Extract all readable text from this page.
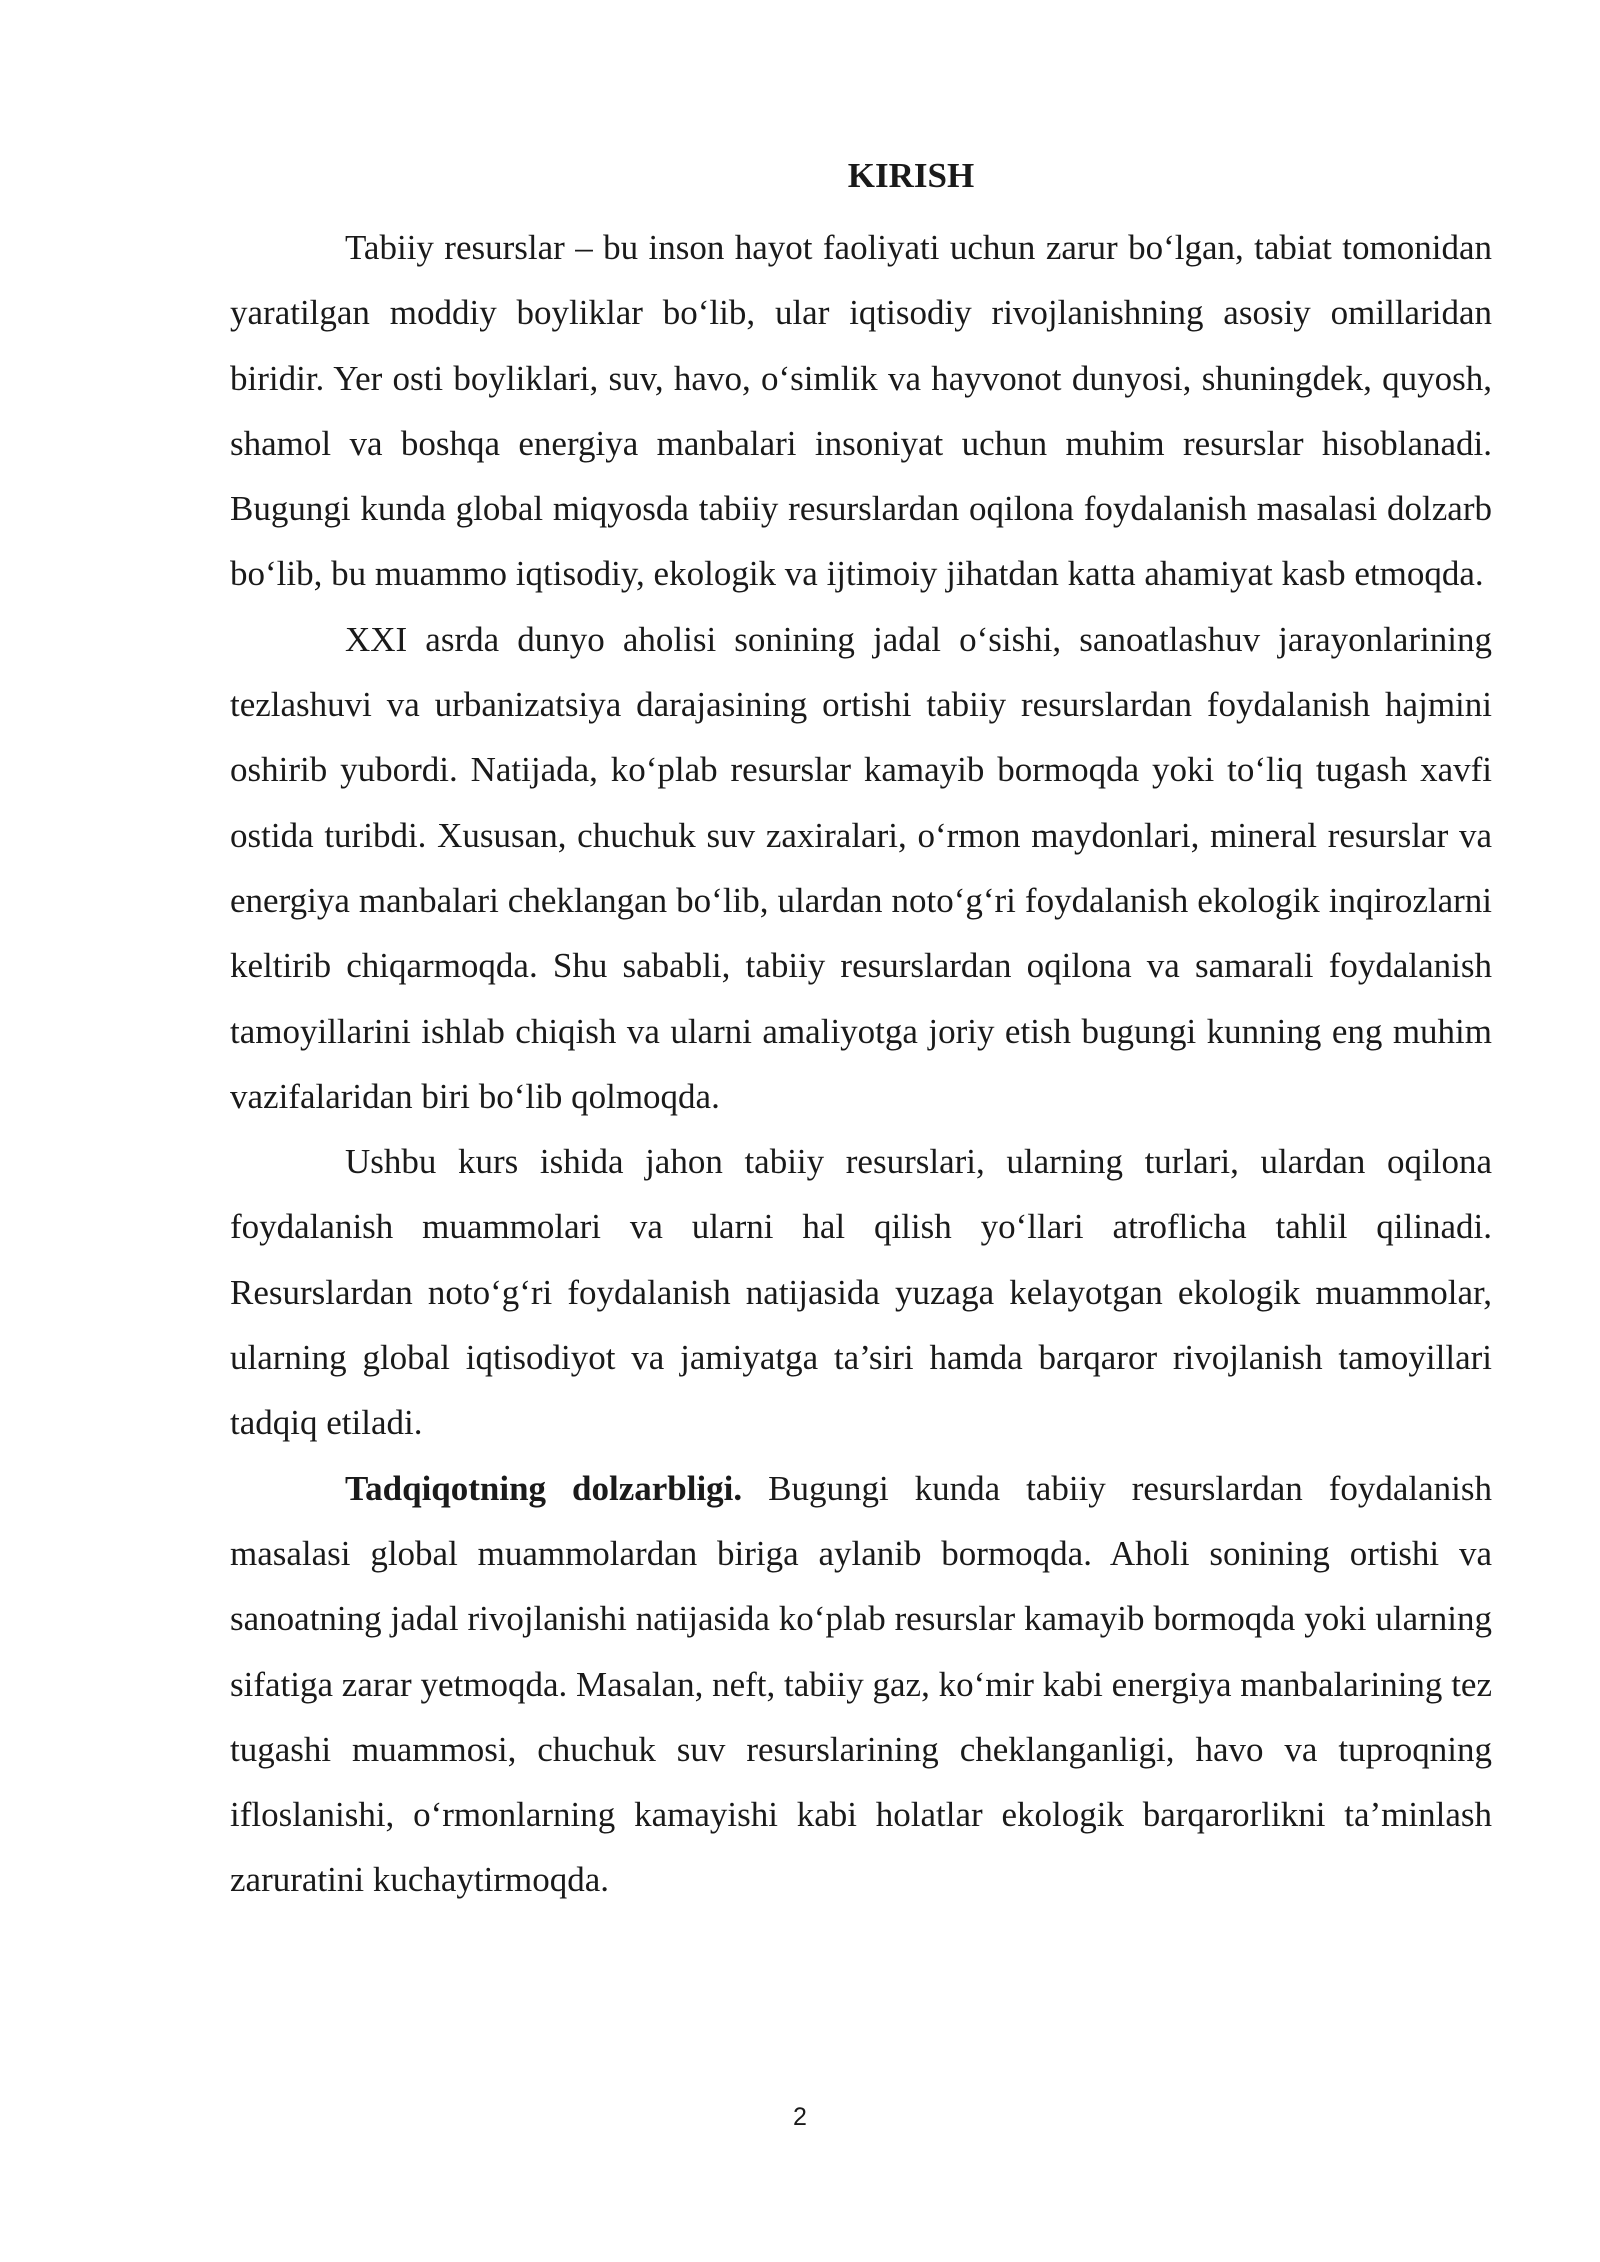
KIRISH

Tabiiy resurslar – bu inson hayot faoliyati uchun zarur bo‘lgan, tabiat tomonidan yaratilgan moddiy boyliklar bo‘lib, ular iqtisodiy rivojlanishning asosiy omillaridan biridir. Yer osti boyliklari, suv, havo, o‘simlik va hayvonot dunyosi, shuningdek, quyosh, shamol va boshqa energiya manbalari insoniyat uchun muhim resurslar hisoblanadi. Bugungi kunda global miqyosda tabiiy resurslardan oqilona foydalanish masalasi dolzarb bo‘lib, bu muammo iqtisodiy, ekologik va ijtimoiy jihatdan katta ahamiyat kasb etmoqda.

XXI asrda dunyo aholisi sonining jadal o‘sishi, sanoatlashuv jarayonlarining tezlashuvi va urbanizatsiya darajasining ortishi tabiiy resurslardan foydalanish hajmini oshirib yubordi. Natijada, ko‘plab resurslar kamayib bormoqda yoki to‘liq tugash xavfi ostida turibdi. Xususan, chuchuk suv zaxiralari, o‘rmon maydonlari, mineral resurslar va energiya manbalari cheklangan bo‘lib, ulardan noto‘g‘ri foydalanish ekologik inqirozlarni keltirib chiqarmoqda. Shu sababli, tabiiy resurslardan oqilona va samarali foydalanish tamoyillarini ishlab chiqish va ularni amaliyotga joriy etish bugungi kunning eng muhim vazifalaridan biri bo‘lib qolmoqda.

Ushbu kurs ishida jahon tabiiy resurslari, ularning turlari, ulardan oqilona foydalanish muammolari va ularni hal qilish yo‘llari atroflicha tahlil qilinadi. Resurslardan noto‘g‘ri foydalanish natijasida yuzaga kelayotgan ekologik muammolar, ularning global iqtisodiyot va jamiyatga ta’siri hamda barqaror rivojlanish tamoyillari tadqiq etiladi.

Tadqiqotning dolzarbligi. Bugungi kunda tabiiy resurslardan foydalanish masalasi global muammolardan biriga aylanib bormoqda. Aholi sonining ortishi va sanoatning jadal rivojlanishi natijasida ko‘plab resurslar kamayib bormoqda yoki ularning sifatiga zarar yetmoqda. Masalan, neft, tabiiy gaz, ko‘mir kabi energiya manbalarining tez tugashi muammosi, chuchuk suv resurslarining cheklanganligi, havo va tuproqning ifloslanishi, o‘rmonlarning kamayishi kabi holatlar ekologik barqarorlikni ta’minlash zaruratini kuchaytirmoqda.

2
